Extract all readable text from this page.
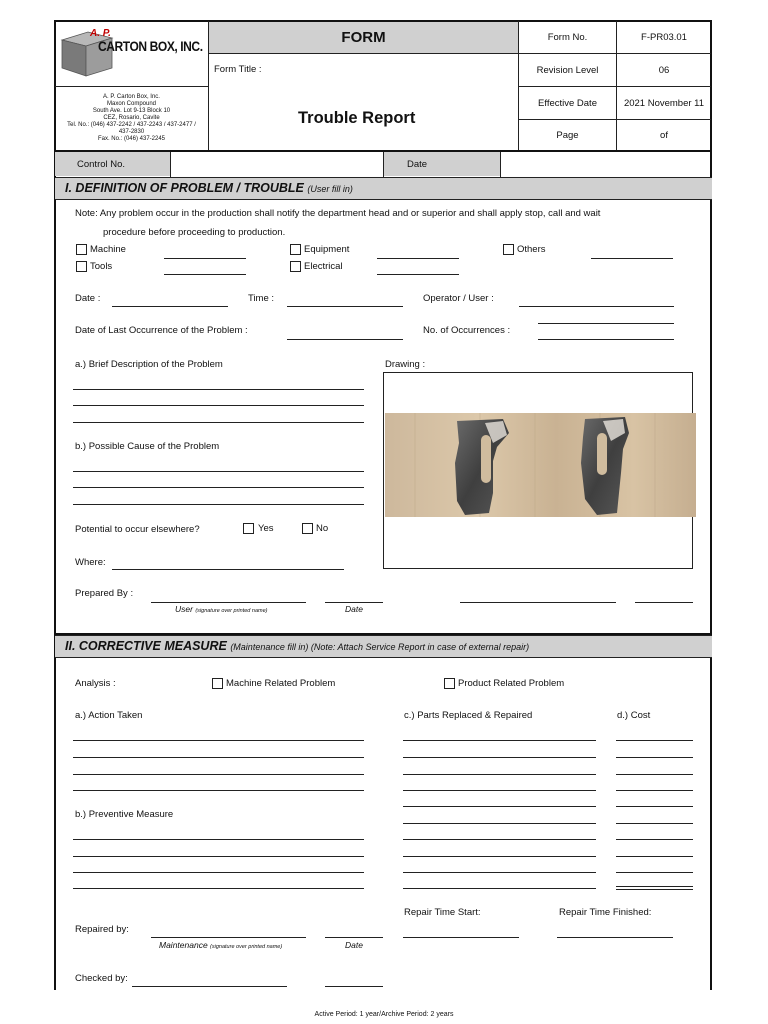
FORM
A. P.
CARTON BOX, INC.
A. P. Carton Box, Inc.
Maxon Compound
South Ave. Lot 9-13 Block 10
CEZ, Rosario, Cavite
Tel. No.: (046) 437-2242 / 437-2243 / 437-2477 /
437-2830
Fax. No.: (046) 437-2245
Form Title :
Trouble Report
Form No.	F-PR03.01
Revision Level	06
Effective Date	2021 November 11
Page	of
Control No.	Date
I. DEFINITION OF PROBLEM / TROUBLE (User fill in)
Note: Any problem occur in the production shall notify the department head and or superior and shall apply stop, call and wait
procedure before proceeding to production.
Machine
Tools
Equipment
Electrical
Others
Date :	Time :	Operator / User :
Date of Last Occurrence of the Problem :	No. of Occurrences :
a.) Brief Description of the Problem
b.) Possible Cause of the Problem
Potential to occur elsewhere?	Yes	No
Where:
Drawing :
Prepared By :
User (signature over printed name)	Date
II. CORRECTIVE MEASURE (Maintenance fill in) (Note: Attach Service Report in case of external repair)
Analysis :	Machine Related Problem	Product Related Problem
a.) Action Taken	c.) Parts Replaced & Repaired	d.) Cost
b.) Preventive Measure
Repair Time Start:	Repair Time Finished:
Repaired by:
Maintenance (signature over printed name)	Date
Checked by:
Active Period: 1 year/Archive Period: 2 years
